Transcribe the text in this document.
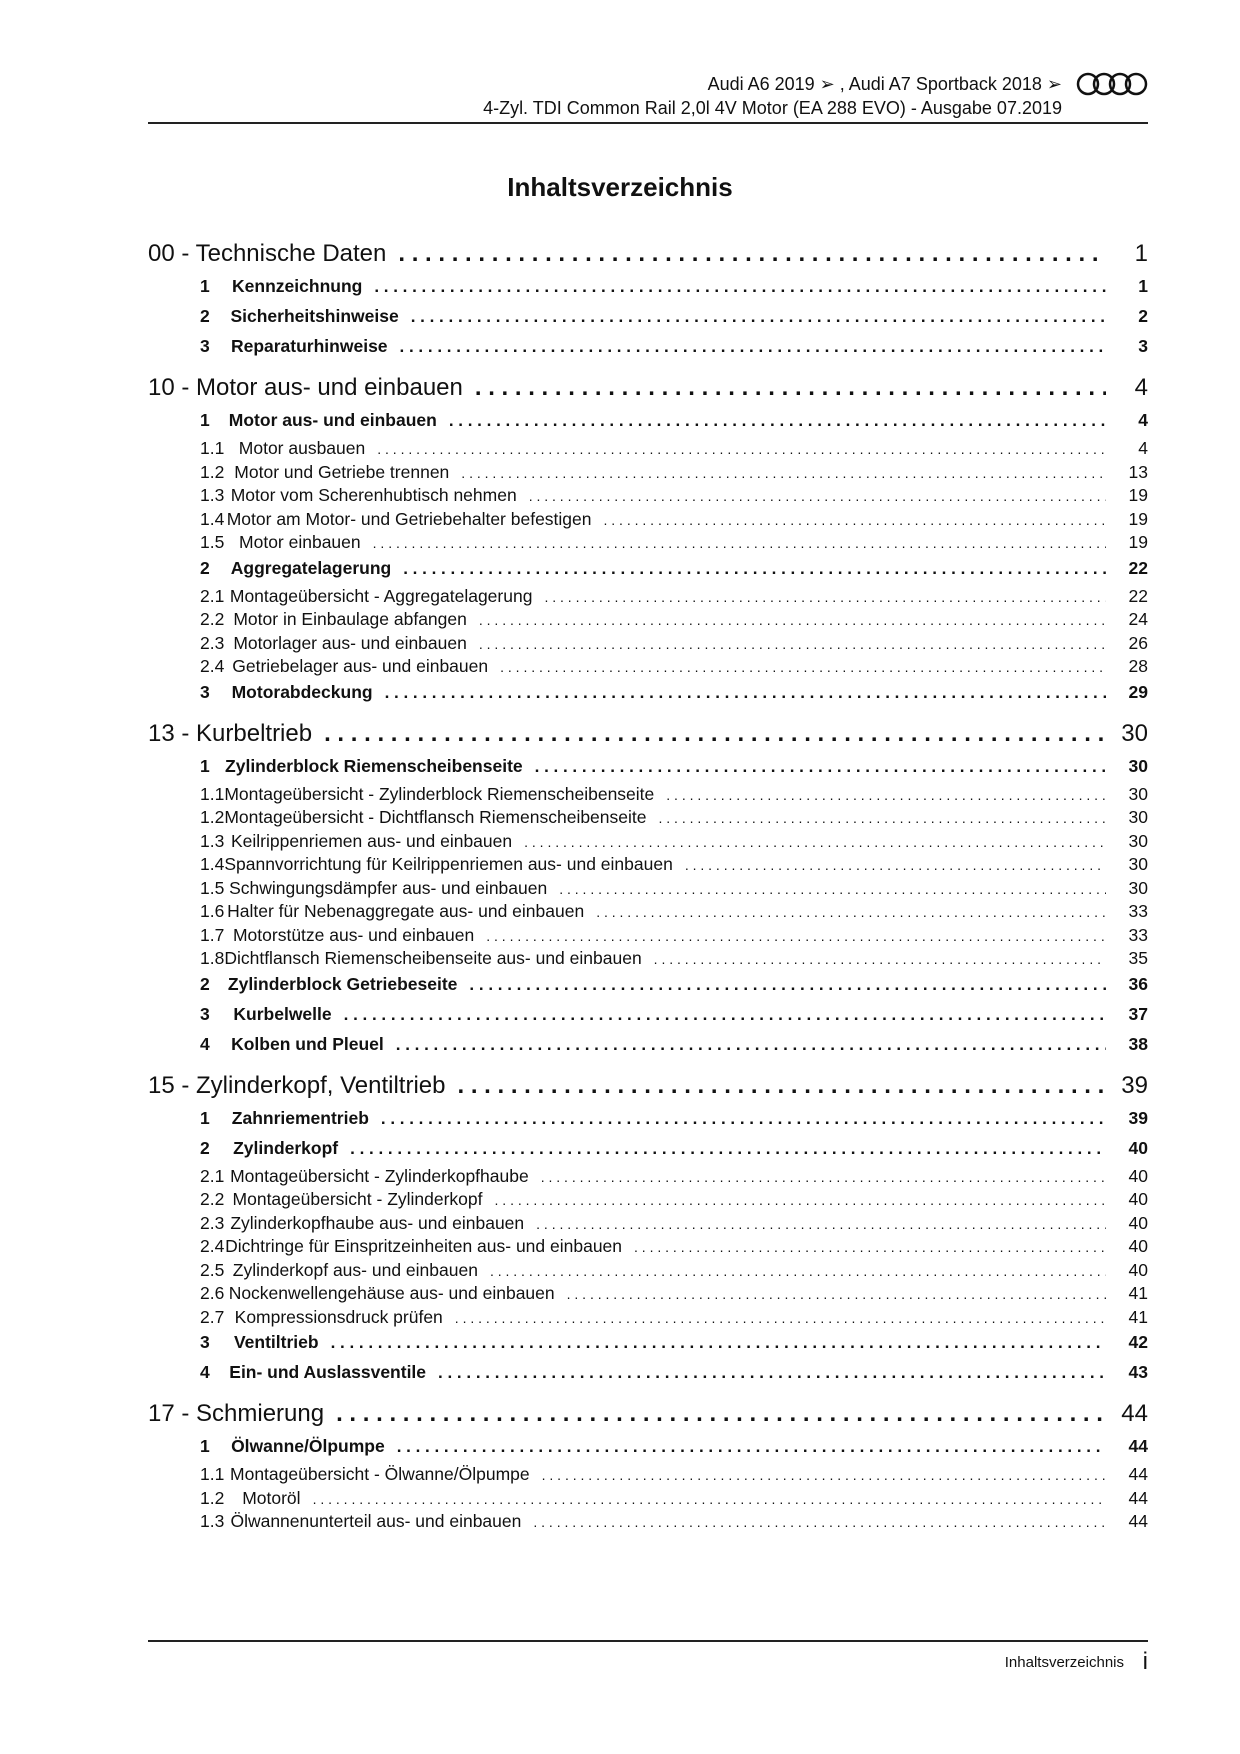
Audi A6 2019 ➢ , Audi A7 Sportback 2018 ➢
4-Zyl. TDI Common Rail 2,0l 4V Motor (EA 288 EVO) - Ausgabe 07.2019
Inhaltsverzeichnis
00 - Technische Daten . . .	1
1	Kennzeichnung . . .	1
2	Sicherheitshinweise . . .	2
3	Reparaturhinweise . . .	3
10 - Motor aus- und einbauen . . .	4
1	Motor aus- und einbauen . . .	4
1.1 Motor ausbauen . . .	4
1.2 Motor und Getriebe trennen . . .	13
1.3 Motor vom Scherenhubtisch nehmen . . .	19
1.4 Motor am Motor- und Getriebehalter befestigen . . .	19
1.5 Motor einbauen . . .	19
2	Aggregatelagerung . . .	22
2.1 Montageübersicht - Aggregatelagerung . . .	22
2.2 Motor in Einbaulage abfangen . . .	24
2.3 Motorlager aus- und einbauen . . .	26
2.4 Getriebelager aus- und einbauen . . .	28
3	Motorabdeckung . . .	29
13 - Kurbeltrieb . . .	30
1 Zylinderblock Riemenscheibenseite . . .	30
1.1 Montageübersicht - Zylinderblock Riemenscheibenseite . . .	30
1.2 Montageübersicht - Dichtflansch Riemenscheibenseite . . .	30
1.3 Keilrippenriemen aus- und einbauen . . .	30
1.4 Spannvorrichtung für Keilrippenriemen aus- und einbauen . . .	30
1.5 Schwingungsdämpfer aus- und einbauen . . .	30
1.6 Halter für Nebenaggregate aus- und einbauen . . .	33
1.7 Motorstütze aus- und einbauen . . .	33
1.8 Dichtflansch Riemenscheibenseite aus- und einbauen . . .	35
2	Zylinderblock Getriebeseite . . .	36
3	Kurbelwelle . . .	37
4	Kolben und Pleuel . . .	38
15 - Zylinderkopf, Ventiltrieb . . .	39
1	Zahnriementrieb . . .	39
2	Zylinderkopf . . .	40
2.1 Montageübersicht - Zylinderkopfhaube . . .	40
2.2 Montageübersicht - Zylinderkopf . . .	40
2.3 Zylinderkopfhaube aus- und einbauen . . .	40
2.4 Dichtringe für Einspritzeinheiten aus- und einbauen . . .	40
2.5 Zylinderkopf aus- und einbauen . . .	40
2.6 Nockenwellengehäuse aus- und einbauen . . .	41
2.7 Kompressionsdruck prüfen . . .	41
3	Ventiltrieb . . .	42
4	Ein- und Auslassventile . . .	43
17 - Schmierung . . .	44
1	Ölwanne/Ölpumpe . . .	44
1.1 Montageübersicht - Ölwanne/Ölpumpe . . .	44
1.2	Motoröl . . .	44
1.3 Ölwannenunterteil aus- und einbauen . . .	44
Inhaltsverzeichnis i
